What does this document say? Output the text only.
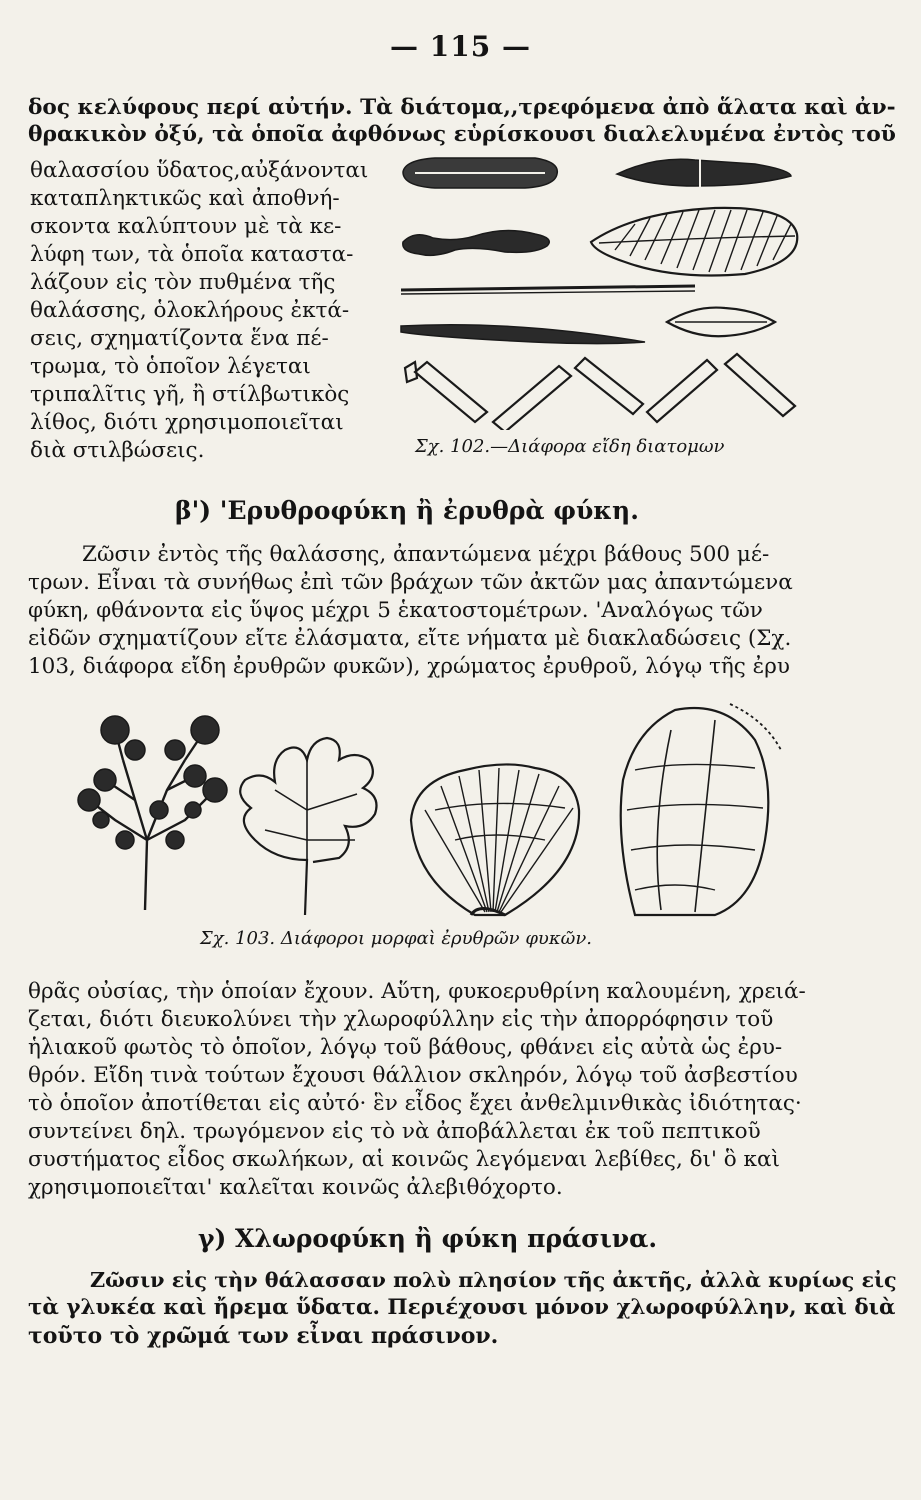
— 115 —
δος κελύφους περί αὐτήν. Τὰ διάτομα,,τρεφόμενα ἀπὸ ἅλατα καὶ ἀν-
θρακικὸν ὀξύ, τὰ ὁποῖα ἀφθόνως εὑρίσκουσι διαλελυμένα ἐντὸς τοῦ
θαλασσίου ὕδατος,αὐξάνονται
καταπληκτικῶς καὶ ἀποθνή-
σκοντα καλύπτουν μὲ τὰ κε-
λύφη των, τὰ ὁποῖα καταστα-
λάζουν εἰς τὸν πυθμένα τῆς
θαλάσσης, ὁλοκλήρους ἐκτά-
σεις, σχηματίζοντα ἕνα πέ-
τρωμα, τὸ ὁποῖον λέγεται
τριπαλῖτις γῆ, ἢ στίλβωτικὸς
λίθος, διότι χρησιμοποιεῖται
διὰ στιλβώσεις.	Σχ. 102.—Διάφορα εἴδη διατομων
β') 'Ερυθροφύκη ἢ ἐρυθρὰ φύκη.
Ζῶσιν ἐντὸς τῆς θαλάσσης, ἀπαντώμενα μέχρι βάθους 500 μέ-
τρων. Εἶναι τὰ συνήθως ἐπὶ τῶν βράχων τῶν ἀκτῶν μας ἀπαντώμενα
φύκη, φθάνοντα εἰς ὕψος μέχρι 5 ἑκατοστομέτρων. 'Αναλόγως τῶν
εἰδῶν σχηματίζουν εἴτε ἐλάσματα, εἴτε νήματα μὲ διακλαδώσεις (Σχ.
103, διάφορα εἴδη ἐρυθρῶν φυκῶν), χρώματος ἐρυθροῦ, λόγῳ τῆς ἐρυ
Σχ. 103. Διάφοροι μορφαὶ ἐρυθρῶν φυκῶν.
θρᾶς οὐσίας, τὴν ὁποίαν ἔχουν. Αὕτη, φυκοερυθρίνη καλουμένη, χρειά-
ζεται, διότι διευκολύνει τὴν χλωροφύλλην εἰς τὴν ἀπορρόφησιν τοῦ
ἡλιακοῦ φωτὸς τὸ ὁποῖον, λόγῳ τοῦ βάθους, φθάνει εἰς αὐτὰ ὡς ἐρυ-
θρόν. Εἴδη τινὰ τούτων ἔχουσι θάλλιον σκληρόν, λόγῳ τοῦ ἀσβεστίου
τὸ ὁποῖον ἀποτίθεται εἰς αὐτό· ἓν εἶδος ἔχει ἀνθελμινθικὰς ἰδιότητας·
συντείνει δηλ. τρωγόμενον εἰς τὸ νὰ ἀποβάλλεται ἐκ τοῦ πεπτικοῦ
συστήματος εἶδος σκωλήκων, αἱ κοινῶς λεγόμεναι λεβίθες, δι' ὃ καὶ
χρησιμοποιεῖται' καλεῖται κοινῶς ἀλεβιθόχορτο.
γ) Χλωροφύκη ἢ φύκη πράσινα.
Ζῶσιν εἰς τὴν θάλασσαν πολὺ πλησίον τῆς ἀκτῆς, ἀλλὰ κυρίως εἰς
τὰ γλυκέα καὶ ἤρεμα ὕδατα. Περιέχουσι μόνον χλωροφύλλην, καὶ διὰ
τοῦτο τὸ χρῶμά των εἶναι πράσινον.
